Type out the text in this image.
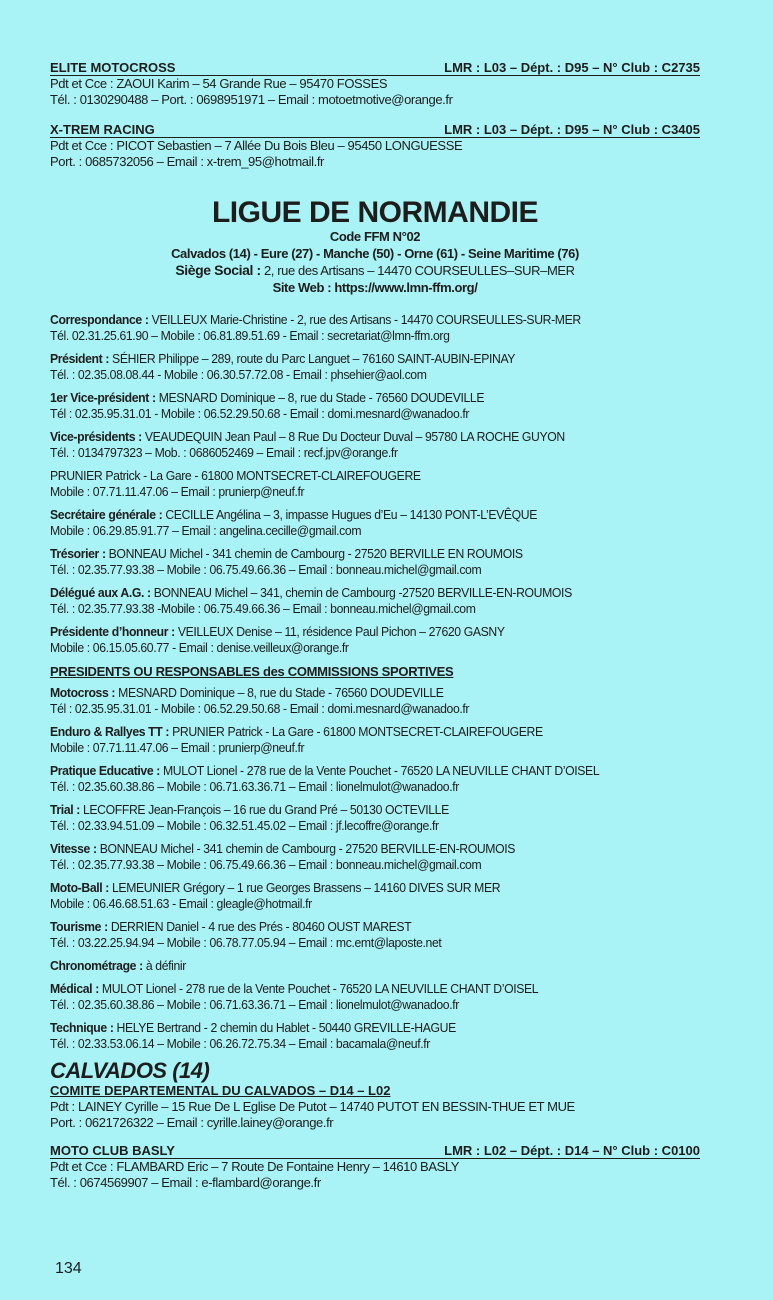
ELITE MOTOCROSS	LMR : L03 – Dépt. : D95 – N° Club : C2735
Pdt et Cce : ZAOUI Karim – 54 Grande Rue – 95470 FOSSES
Tél. : 0130290488 – Port. : 0698951971 – Email : motoetmotive@orange.fr
X-TREM RACING	LMR : L03 – Dépt. : D95 – N° Club : C3405
Pdt et Cce : PICOT Sebastien – 7 Allée Du Bois Bleu – 95450 LONGUESSE
Port. : 0685732056 – Email : x-trem_95@hotmail.fr
LIGUE DE NORMANDIE
Code FFM N°02
Calvados (14) - Eure (27) - Manche (50) - Orne (61) - Seine Maritime (76)
Siège Social : 2, rue des Artisans – 14470 COURSEULLES–SUR–MER
Site Web : https://www.lmn-ffm.org/
Correspondance : VEILLEUX Marie-Christine - 2, rue des Artisans - 14470 COURSEULLES-SUR-MER
Tél. 02.31.25.61.90 – Mobile : 06.81.89.51.69 - Email : secretariat@lmn-ffm.org
Président : SÉHIER Philippe – 289, route du Parc Languet – 76160 SAINT-AUBIN-EPINAY
Tél. : 02.35.08.08.44 - Mobile : 06.30.57.72.08 - Email : phsehier@aol.com
1er Vice-président : MESNARD Dominique – 8, rue du Stade - 76560 DOUDEVILLE
Tél : 02.35.95.31.01 - Mobile : 06.52.29.50.68 - Email : domi.mesnard@wanadoo.fr
Vice-présidents : VEAUDEQUIN Jean Paul – 8 Rue Du Docteur Duval – 95780 LA ROCHE GUYON
Tél. : 0134797323 – Mob. : 0686052469 – Email : recf.jpv@orange.fr
PRUNIER Patrick - La Gare - 61800 MONTSECRET-CLAIREFOUGERE
Mobile : 07.71.11.47.06 – Email : prunierp@neuf.fr
Secrétaire générale : CECILLE Angélina – 3, impasse Hugues d’Eu – 14130 PONT-L’EVÊQUE
Mobile : 06.29.85.91.77 – Email : angelina.cecille@gmail.com
Trésorier : BONNEAU Michel - 341 chemin de Cambourg - 27520 BERVILLE EN ROUMOIS
Tél. : 02.35.77.93.38 – Mobile : 06.75.49.66.36 – Email : bonneau.michel@gmail.com
Délégué aux A.G. : BONNEAU Michel – 341, chemin de Cambourg -27520 BERVILLE-EN-ROUMOIS
Tél. : 02.35.77.93.38 -Mobile : 06.75.49.66.36 – Email : bonneau.michel@gmail.com
Présidente d’honneur : VEILLEUX Denise – 11, résidence Paul Pichon – 27620 GASNY
Mobile : 06.15.05.60.77 - Email : denise.veilleux@orange.fr
PRESIDENTS OU RESPONSABLES des COMMISSIONS SPORTIVES
Motocross : MESNARD Dominique – 8, rue du Stade - 76560 DOUDEVILLE
Tél : 02.35.95.31.01 - Mobile : 06.52.29.50.68 - Email : domi.mesnard@wanadoo.fr
Enduro & Rallyes TT : PRUNIER Patrick - La Gare - 61800 MONTSECRET-CLAIREFOUGERE
Mobile : 07.71.11.47.06 – Email : prunierp@neuf.fr
Pratique Educative : MULOT Lionel - 278 rue de la Vente Pouchet - 76520 LA NEUVILLE CHANT D’OISEL
Tél. : 02.35.60.38.86 – Mobile : 06.71.63.36.71 – Email : lionelmulot@wanadoo.fr
Trial : LECOFFRE Jean-François – 16 rue du Grand Pré – 50130 OCTEVILLE
Tél. : 02.33.94.51.09 – Mobile : 06.32.51.45.02 – Email : jf.lecoffre@orange.fr
Vitesse : BONNEAU Michel - 341 chemin de Cambourg - 27520 BERVILLE-EN-ROUMOIS
Tél. : 02.35.77.93.38 – Mobile : 06.75.49.66.36 – Email : bonneau.michel@gmail.com
Moto-Ball : LEMEUNIER Grégory – 1 rue Georges Brassens – 14160 DIVES SUR MER
Mobile : 06.46.68.51.63 - Email : gleagle@hotmail.fr
Tourisme : DERRIEN Daniel - 4 rue des Prés - 80460 OUST MAREST
Tél. : 03.22.25.94.94 – Mobile : 06.78.77.05.94 – Email : mc.emt@laposte.net
Chronométrage : à définir
Médical : MULOT Lionel - 278 rue de la Vente Pouchet - 76520 LA NEUVILLE CHANT D’OISEL
Tél. : 02.35.60.38.86 – Mobile : 06.71.63.36.71 – Email : lionelmulot@wanadoo.fr
Technique : HELYE Bertrand - 2 chemin du Hablet - 50440 GREVILLE-HAGUE
Tél. : 02.33.53.06.14 – Mobile : 06.26.72.75.34 – Email : bacamala@neuf.fr
CALVADOS (14)
COMITE DEPARTEMENTAL DU CALVADOS – D14 – L02
Pdt : LAINEY Cyrille – 15 Rue De L Eglise De Putot – 14740 PUTOT EN BESSIN-THUE ET MUE
Port. : 0621726322 – Email : cyrille.lainey@orange.fr
MOTO CLUB BASLY	LMR : L02 – Dépt. : D14 – N° Club : C0100
Pdt et Cce : FLAMBARD Eric – 7 Route De Fontaine Henry – 14610 BASLY
Tél. : 0674569907 – Email : e-flambard@orange.fr
134
